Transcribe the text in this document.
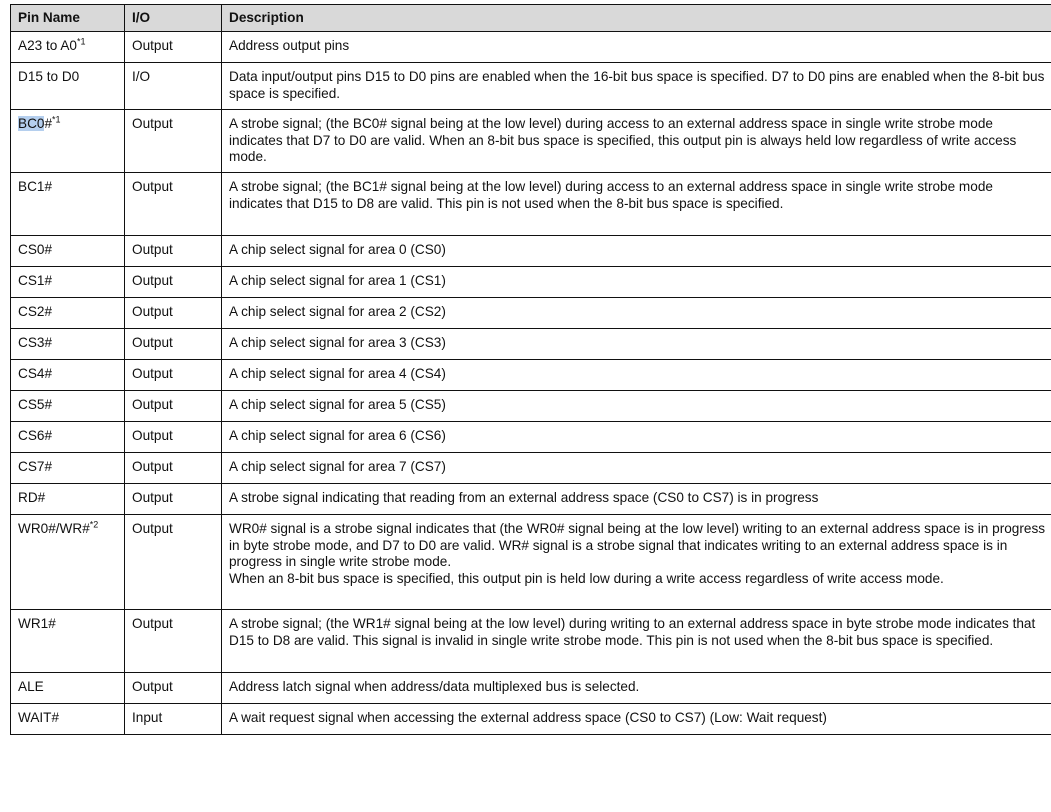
Pin Name	I/O	Description
A23 to A0$^{*1}$	Output	Address output pins

D15 to D0	I/O	Data input/output pins D15 to D0 pins are enabled when the 16-bit bus space is specified. D7 to D0 pins are enabled when the 8-bit bus space is specified.

BC0#$^{*1}$	Output	A strobe signal; (the BC0# signal being at the low level) during access to an external address space in single write strobe mode indicates that D7 to D0 are valid. When an 8-bit bus space is specified, this output pin is always held low regardless of write access mode.

BC1#	Output	A strobe signal; (the BC1# signal being at the low level) during access to an external address space in single write strobe mode indicates that D15 to D8 are valid. This pin is not used when the 8-bit bus space is specified.

CS0#	Output	A chip select signal for area 0 (CS0)

CS1#	Output	A chip select signal for area 1 (CS1)

CS2#	Output	A chip select signal for area 2 (CS2)

CS3#	Output	A chip select signal for area 3 (CS3)

CS4#	Output	A chip select signal for area 4 (CS4)

CS5#	Output	A chip select signal for area 5 (CS5)

CS6#	Output	A chip select signal for area 6 (CS6)

CS7#	Output	A chip select signal for area 7 (CS7)

RD#	Output	A strobe signal indicating that reading from an external address space (CS0 to CS7) is in progress

WR0#/WR#$^{*2}$	Output	WR0# signal is a strobe signal indicates that (the WR0# signal being at the low level) writing to an external address space is in progress in byte strobe mode, and D7 to D0 are valid. WR# signal is a strobe signal that indicates writing to an external address space is in progress in single write strobe mode.
When an 8-bit bus space is specified, this output pin is held low during a write access regardless of write access mode.

WR1#	Output	A strobe signal; (the WR1# signal being at the low level) during writing to an external address space in byte strobe mode indicates that D15 to D8 are valid. This signal is invalid in single write strobe mode. This pin is not used when the 8-bit bus space is specified.

ALE	Output	Address latch signal when address/data multiplexed bus is selected.

WAIT#	Input	A wait request signal when accessing the external address space (CS0 to CS7) (Low: Wait request)
